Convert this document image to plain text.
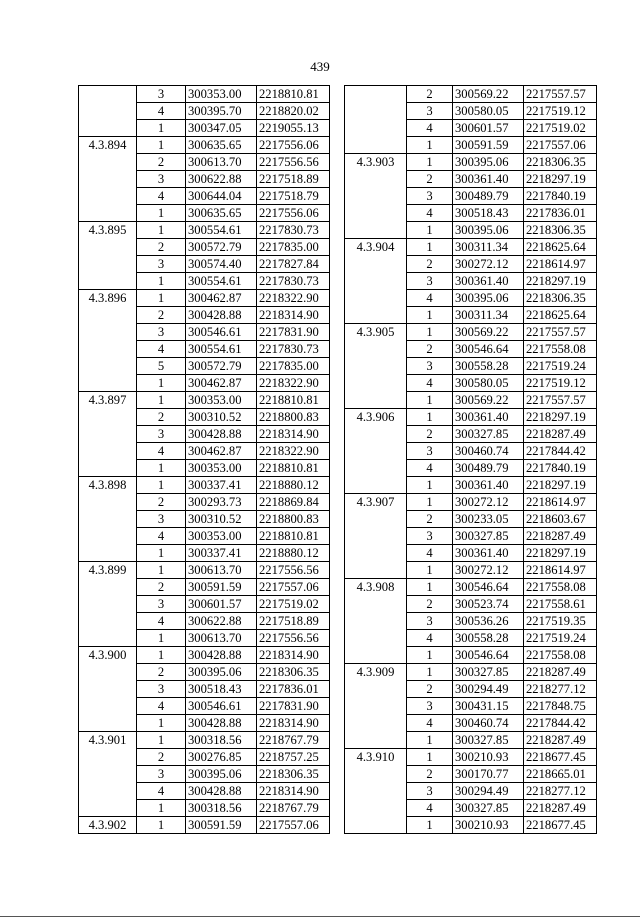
439
	3	300353.00	2218810.81
	4	300395.70	2218820.02
	1	300347.05	2219055.13
4.3.894	1	300635.65	2217556.06
	2	300613.70	2217556.56
	3	300622.88	2217518.89
	4	300644.04	2217518.79
	1	300635.65	2217556.06
4.3.895	1	300554.61	2217830.73
	2	300572.79	2217835.00
	3	300574.40	2217827.84
	1	300554.61	2217830.73
4.3.896	1	300462.87	2218322.90
	2	300428.88	2218314.90
	3	300546.61	2217831.90
	4	300554.61	2217830.73
	5	300572.79	2217835.00
	1	300462.87	2218322.90
4.3.897	1	300353.00	2218810.81
	2	300310.52	2218800.83
	3	300428.88	2218314.90
	4	300462.87	2218322.90
	1	300353.00	2218810.81
4.3.898	1	300337.41	2218880.12
	2	300293.73	2218869.84
	3	300310.52	2218800.83
	4	300353.00	2218810.81
	1	300337.41	2218880.12
4.3.899	1	300613.70	2217556.56
	2	300591.59	2217557.06
	3	300601.57	2217519.02
	4	300622.88	2217518.89
	1	300613.70	2217556.56
4.3.900	1	300428.88	2218314.90
	2	300395.06	2218306.35
	3	300518.43	2217836.01
	4	300546.61	2217831.90
	1	300428.88	2218314.90
4.3.901	1	300318.56	2218767.79
	2	300276.85	2218757.25
	3	300395.06	2218306.35
	4	300428.88	2218314.90
	1	300318.56	2218767.79
4.3.902	1	300591.59	2217557.06
	2	300569.22	2217557.57
	3	300580.05	2217519.12
	4	300601.57	2217519.02
	1	300591.59	2217557.06
4.3.903	1	300395.06	2218306.35
	2	300361.40	2218297.19
	3	300489.79	2217840.19
	4	300518.43	2217836.01
	1	300395.06	2218306.35
4.3.904	1	300311.34	2218625.64
	2	300272.12	2218614.97
	3	300361.40	2218297.19
	4	300395.06	2218306.35
	1	300311.34	2218625.64
4.3.905	1	300569.22	2217557.57
	2	300546.64	2217558.08
	3	300558.28	2217519.24
	4	300580.05	2217519.12
	1	300569.22	2217557.57
4.3.906	1	300361.40	2218297.19
	2	300327.85	2218287.49
	3	300460.74	2217844.42
	4	300489.79	2217840.19
	1	300361.40	2218297.19
4.3.907	1	300272.12	2218614.97
	2	300233.05	2218603.67
	3	300327.85	2218287.49
	4	300361.40	2218297.19
	1	300272.12	2218614.97
4.3.908	1	300546.64	2217558.08
	2	300523.74	2217558.61
	3	300536.26	2217519.35
	4	300558.28	2217519.24
	1	300546.64	2217558.08
4.3.909	1	300327.85	2218287.49
	2	300294.49	2218277.12
	3	300431.15	2217848.75
	4	300460.74	2217844.42
	1	300327.85	2218287.49
4.3.910	1	300210.93	2218677.45
	2	300170.77	2218665.01
	3	300294.49	2218277.12
	4	300327.85	2218287.49
	1	300210.93	2218677.45
